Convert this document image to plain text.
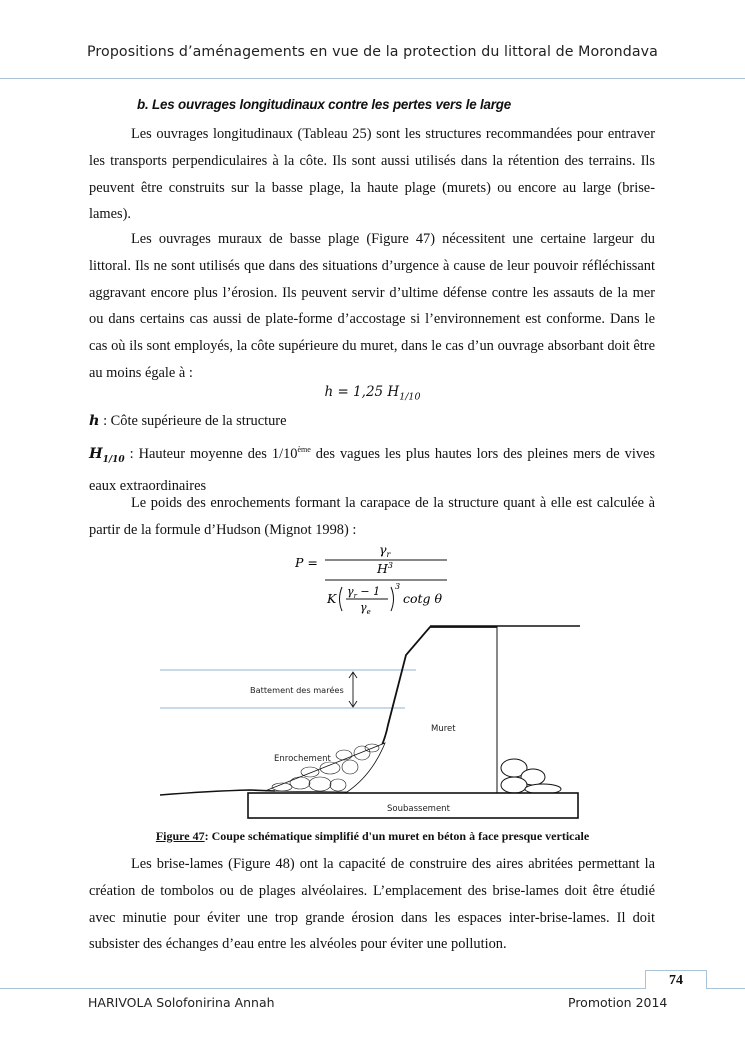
Propositions d’aménagements en vue de la protection du littoral de Morondava
b. Les ouvrages longitudinaux contre les pertes vers le large
Les ouvrages longitudinaux (Tableau 25) sont les structures recommandées pour entraver les transports perpendiculaires à la côte. Ils sont aussi utilisés dans la rétention des terrains. Ils peuvent être construits sur la basse plage, la haute plage (murets) ou encore au large (brise-lames).
Les ouvrages muraux de basse plage (Figure 47) nécessitent une certaine largeur du littoral. Ils ne sont utilisés que dans des situations d’urgence à cause de leur pouvoir réfléchissant aggravant encore plus l’érosion. Ils peuvent servir d’ultime défense contre les assauts de la mer ou dans certains cas aussi de plate-forme d’accostage si l’environnement est conforme. Dans le cas où ils sont employés, la côte supérieure du muret, dans le cas d’un ouvrage absorbant doit être au moins égale à :
h = 1,25 $H_{1/10}$
h : Côte supérieure de la structure
$H_{1/10}$ : Hauteur moyenne des 1/10ème des vagues les plus hautes lors des pleines mers de vives eaux extraordinaires
Le poids des enrochements formant la carapace de la structure quant à elle est calculée à partir de la formule d’Hudson (Mignot 1998) :
P =
$\gamma_r$
$H^3$
K $\gamma_r - 1$
$\gamma_e$
3
cotg θ
Battement des marées
Muret
Enrochement
Soubassement
Figure 47: Coupe schématique simplifié d'un muret en béton à face presque verticale
Les brise-lames (Figure 48) ont la capacité de construire des aires abritées permettant la création de tombolos ou de plages alvéolaires. L’emplacement des brise-lames doit être étudié avec minutie pour éviter une trop grande érosion dans les espaces inter-brise-lames. Il doit subsister des échanges d’eau entre les alvéoles pour éviter une pollution.
74
HARIVOLA Solofonirina Annah	Promotion 2014
